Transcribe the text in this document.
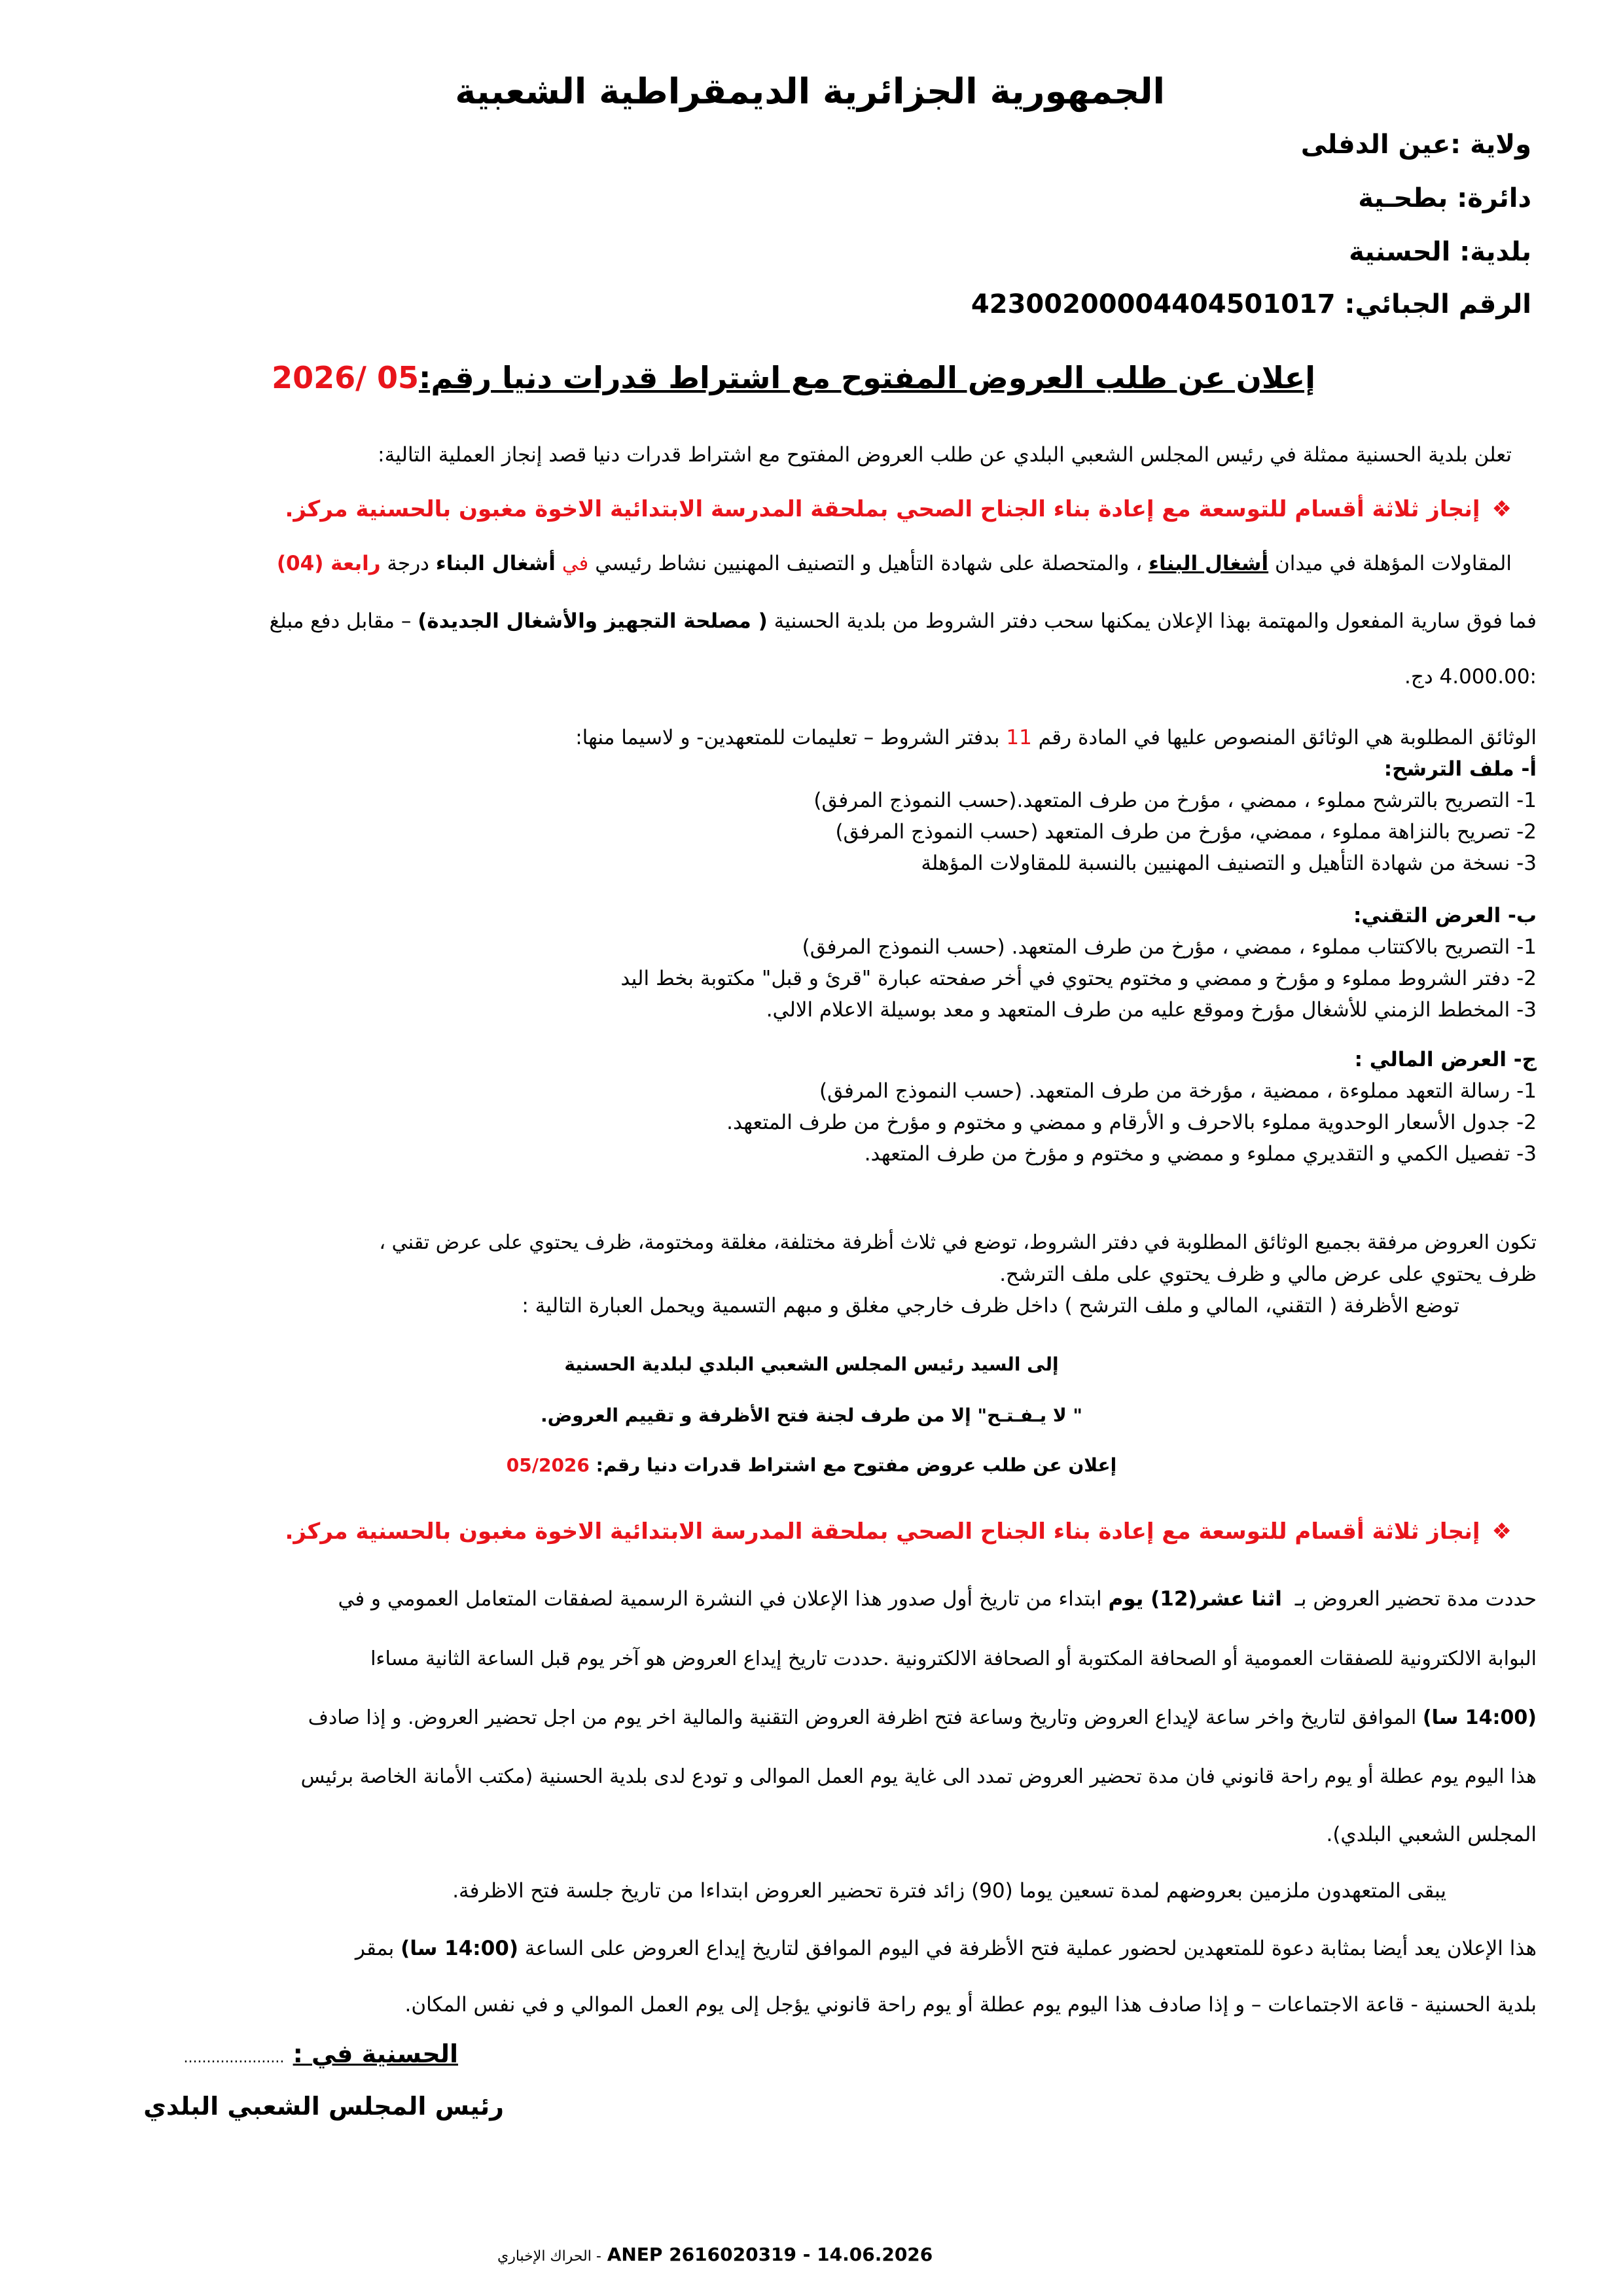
الجمهورية الجزائرية الديمقراطية الشعبية
ولاية :عين الدفلى
دائرة: بطحـية
بلدية: الحسنية
الرقم الجبائي: 42300200004404501017
إعلان عن طلب العروض المفتوح مع اشتراط قدرات دنيا رقم:05 /2026
تعلن بلدية الحسنية ممثلة في رئيس المجلس الشعبي البلدي عن طلب العروض المفتوح مع اشتراط قدرات دنيا قصد إنجاز العملية التالية:
❖إنجاز ثلاثة أقسام للتوسعة مع إعادة بناء الجناح الصحي بملحقة المدرسة الابتدائية الاخوة مغبون بالحسنية مركز.
المقاولات المؤهلة في ميدان أشغال البناء ، والمتحصلة على شهادة التأهيل و التصنيف المهنيين نشاط رئيسي في أشغال البناء درجة رابعة (04)
فما فوق سارية المفعول والمهتمة بهذا الإعلان يمكنها سحب دفتر الشروط من بلدية الحسنية ( مصلحة التجهيز والأشغال الجديدة) – مقابل دفع مبلغ
:4.000.00 دج.
الوثائق المطلوبة هي الوثائق المنصوص عليها في المادة رقم 11 بدفتر الشروط – تعليمات للمتعهدين- و لاسيما منها:
أ- ملف الترشح:
1- التصريح بالترشح مملوء ، ممضي ، مؤرخ من طرف المتعهد.(حسب النموذج المرفق)
2- تصريح بالنزاهة مملوء ، ممضي، مؤرخ من طرف المتعهد (حسب النموذج المرفق)
3- نسخة من شهادة التأهيل و التصنيف المهنيين بالنسبة للمقاولات المؤهلة
ب- العرض التقني:
1- التصريح بالاكتتاب مملوء ، ممضي ، مؤرخ من طرف المتعهد. (حسب النموذج المرفق)
2- دفتر الشروط مملوء و مؤرخ و ممضي و مختوم يحتوي في أخر صفحته عبارة "قرئ و قبل" مكتوبة بخط اليد
3- المخطط الزمني للأشغال مؤرخ وموقع عليه من طرف المتعهد و معد بوسيلة الاعلام الالي.
ج- العرض المالي :
1- رسالة التعهد مملوءة ، ممضية ، مؤرخة من طرف المتعهد. (حسب النموذج المرفق)
2- جدول الأسعار الوحدوية مملوء بالاحرف و الأرقام و ممضي و مختوم و مؤرخ من طرف المتعهد.
3- تفصيل الكمي و التقديري مملوء و ممضي و مختوم و مؤرخ من طرف المتعهد.
تكون العروض مرفقة بجميع الوثائق المطلوبة في دفتر الشروط، توضع في ثلاث أظرفة مختلفة، مغلقة ومختومة، ظرف يحتوي على عرض تقني ،
ظرف يحتوي على عرض مالي و ظرف يحتوي على ملف الترشح.
توضع الأظرفة ( التقني، المالي و ملف الترشح ) داخل ظرف خارجي مغلق و مبهم التسمية ويحمل العبارة التالية :
إلى السيد رئيس المجلس الشعبي البلدي لبلدية الحسنية
" لا يـفـتـح" إلا من طرف لجنة فتح الأظرفة و تقييم العروض.
إعلان عن طلب عروض مفتوح مع اشتراط قدرات دنيا رقم: 05/2026
❖إنجاز ثلاثة أقسام للتوسعة مع إعادة بناء الجناح الصحي بملحقة المدرسة الابتدائية الاخوة مغبون بالحسنية مركز.
حددت مدة تحضير العروض بـ اثنا عشر(12) يوم ابتداء من تاريخ أول صدور هذا الإعلان في النشرة الرسمية لصفقات المتعامل العمومي و في
البوابة الالكترونية للصفقات العمومية أو الصحافة المكتوبة أو الصحافة الالكترونية .حددت تاريخ إيداع العروض هو آخر يوم قبل الساعة الثانية مساءا
(14:00 سا) الموافق لتاريخ واخر ساعة لإيداع العروض وتاريخ وساعة فتح اظرفة العروض التقنية والمالية اخر يوم من اجل تحضير العروض. و إذا صادف
هذا اليوم يوم عطلة أو يوم راحة قانوني فان مدة تحضير العروض تمدد الى غاية يوم العمل الموالى و تودع لدى بلدية الحسنية (مكتب الأمانة الخاصة برئيس
المجلس الشعبي البلدي).
يبقى المتعهدون ملزمين بعروضهم لمدة تسعين يوما (90) زائد فترة تحضير العروض ابتداءا من تاريخ جلسة فتح الاظرفة.
هذا الإعلان يعد أيضا بمثابة دعوة للمتعهدين لحضور عملية فتح الأظرفة في اليوم الموافق لتاريخ إيداع العروض على الساعة (14:00 سا) بمقر
بلدية الحسنية - قاعة الاجتماعات – و إذا صادف هذا اليوم يوم عطلة أو يوم راحة قانوني يؤجل إلى يوم العمل الموالي و في نفس المكان.
الحسنية في : ......................
رئيس المجلس الشعبي البلدي
الحراك الإخباري - ANEP 2616020319 - 14.06.2026
